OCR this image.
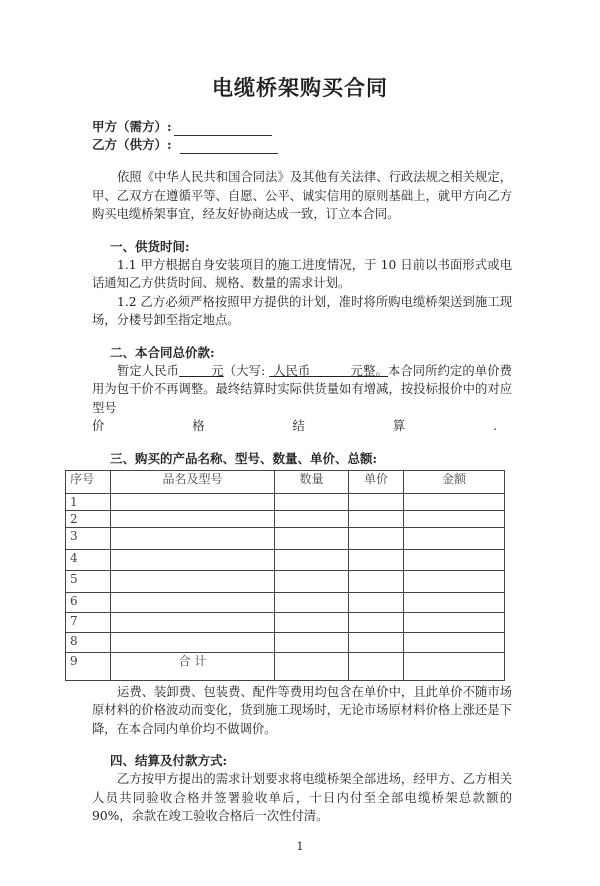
电缆桥架购买合同
甲方（需方）:
乙方（供方）:
依照《中华人民共和国合同法》及其他有关法律、行政法规之相关规定，甲、乙双方在遵循平等、自愿、公平、诚实信用的原则基础上，就甲方向乙方购买电缆桥架事宜，经友好协商达成一致，订立本合同。
一、供货时间:
1.1 甲方根据自身安装项目的施工进度情况，于 10 日前以书面形式或电话通知乙方供货时间、规格、数量的需求计划。
1.2 乙方必须严格按照甲方提供的计划，准时将所购电缆桥架送到施工现场，分楼号卸至指定地点。
二、本合同总价款:
暂定人民币        元（大写:  人民币          元整。本合同所约定的单价费用为包干价不再调整。最终结算时实际供货量如有增减，按投标报价中的对应型号
价	格	结	算	.
三、购买的产品名称、型号、数量、单价、总额:
序号	品名及型号	数量	单价	金额
1				
2				
3				
4				
5				
6				
7				
8				
9	合 计			
运费、装卸费、包装费、配件等费用均包含在单价中，且此单价不随市场原材料的价格波动而变化，货到施工现场时，无论市场原材料价格上涨还是下降，在本合同内单价均不做调价。
四、结算及付款方式:
乙方按甲方提出的需求计划要求将电缆桥架全部进场，经甲方、乙方相关人员共同验收合格并签署验收单后，十日内付至全部电缆桥架总款额的 90%，余款在竣工验收合格后一次性付清。
1
